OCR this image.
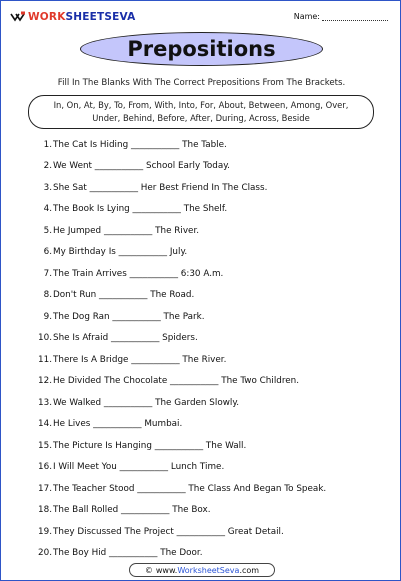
WORKSHEETSEVA	Name:
Prepositions
Fill In The Blanks With The Correct Prepositions From The Brackets.
In, On, At, By, To, From, With, Into, For, About, Between, Among, Over,
Under, Behind, Before, After, During, Across, Beside
1. The Cat Is Hiding ___________ The Table.
2. We Went ___________ School Early Today.
3. She Sat ___________ Her Best Friend In The Class.
4. The Book Is Lying ___________ The Shelf.
5. He Jumped ___________ The River.
6. My Birthday Is ___________ July.
7. The Train Arrives ___________ 6:30 A.m.
8. Don't Run ___________ The Road.
9. The Dog Ran ___________ The Park.
10. She Is Afraid ___________ Spiders.
11. There Is A Bridge ___________ The River.
12. He Divided The Chocolate ___________ The Two Children.
13. We Walked ___________ The Garden Slowly.
14. He Lives ___________ Mumbai.
15. The Picture Is Hanging ___________ The Wall.
16. I Will Meet You ___________ Lunch Time.
17. The Teacher Stood ___________ The Class And Began To Speak.
18. The Ball Rolled ___________ The Box.
19. They Discussed The Project ___________ Great Detail.
20. The Boy Hid ___________ The Door.
© www. WorksheetSeva .com
